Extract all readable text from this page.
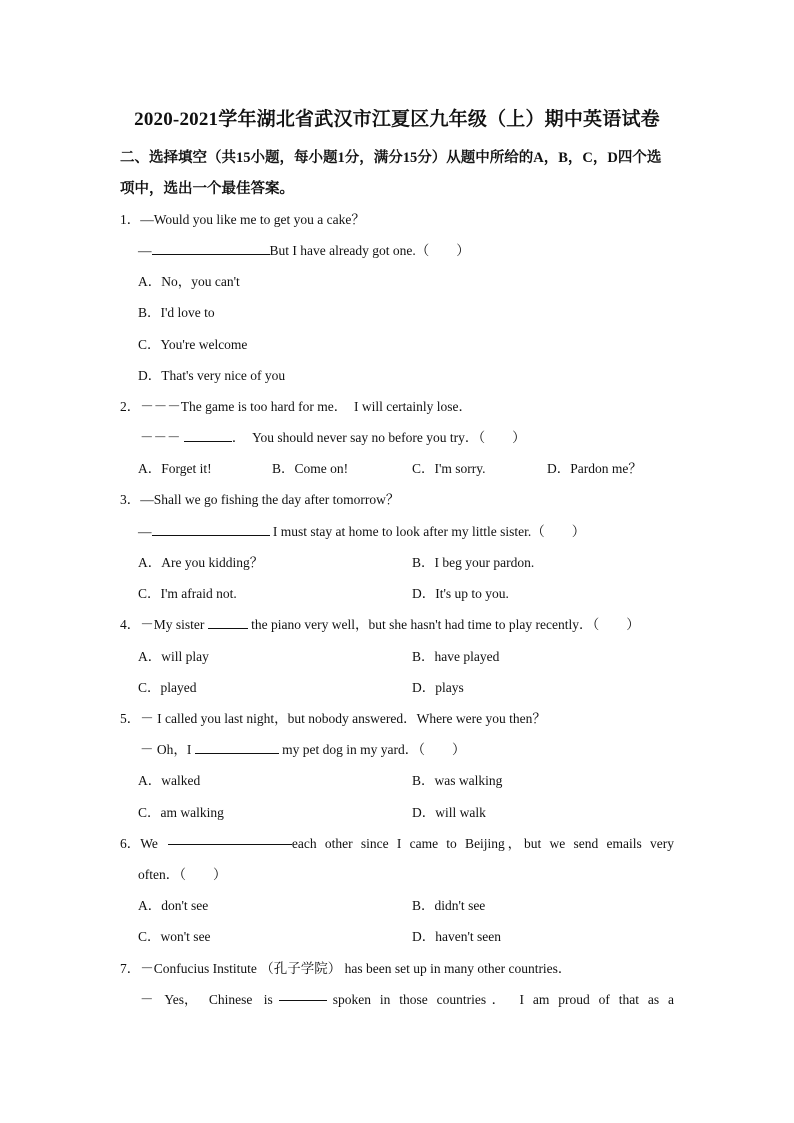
2020-2021学年湖北省武汉市江夏区九年级（上）期中英语试卷
二、选择填空（共15小题，每小题1分，满分15分）从题中所给的A，B，C，D四个选
项中，选出一个最佳答案。
1．—Would you like me to get you a cake？
—	But I have already got one.（　　）
A．No，you can't
B．I'd love to
C．You're welcome
D．That's very nice of you
2．－－－The game is too hard for me．　I will certainly lose．
－－－	．　You should never say no before you try．（　　）
A．Forget it!	B．Come on!	C．I'm sorry.	D．Pardon me？
3．—Shall we go fishing the day after tomorrow？
—	I must stay at home to look after my little sister.（　　）
A．Are you kidding？	B．I beg your pardon.
C．I'm afraid not.	D．It's up to you.
4．－My sister	the piano very well，but she hasn't had time to play recently．（　　）
A．will play	B．have played
C．played	D．plays
5．－ I called you last night，but nobody answered．Where were you then？
－ Oh，I	my pet dog in my yard．（　　）
A．walked	B．was walking
C．am walking	D．will walk
6．We	each other since I came to Beijing，but we send emails very
often．（　　）
A．don't see	B．didn't see
C．won't see	D．haven't seen
7．－Confucius Institute （孔子学院） has been set up in many other countries．
－ Yes， Chinese is	spoken in those countries． I am proud of that as a
